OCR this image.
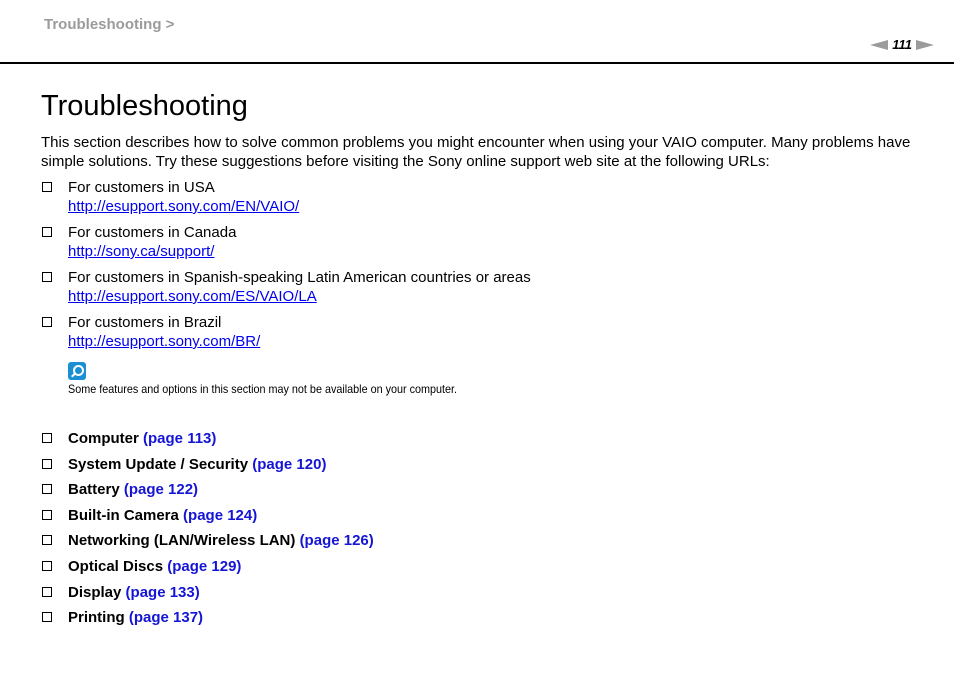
Troubleshooting >
111
Troubleshooting

This section describes how to solve common problems you might encounter when using your VAIO computer. Many problems have simple solutions. Try these suggestions before visiting the Sony online support web site at the following URLs:

For customers in USA
http://esupport.sony.com/EN/VAIO/
For customers in Canada
http://sony.ca/support/
For customers in Spanish-speaking Latin American countries or areas
http://esupport.sony.com/ES/VAIO/LA
For customers in Brazil
http://esupport.sony.com/BR/
Some features and options in this section may not be available on your computer.
Computer (page 113)
System Update / Security (page 120)
Battery (page 122)
Built-in Camera (page 124)
Networking (LAN/Wireless LAN) (page 126)
Optical Discs (page 129)
Display (page 133)
Printing (page 137)
